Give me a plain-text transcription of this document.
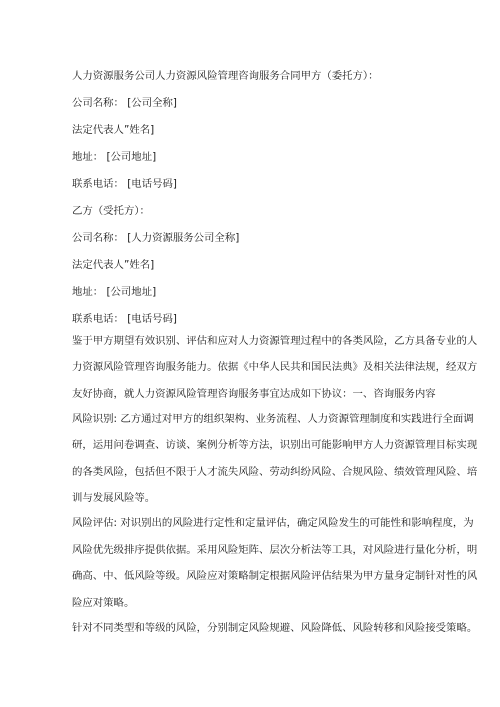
人力资源服务公司人力资源风险管理咨询服务合同甲方（委托方）：

公司名称： [公司全称]

法定代表人”姓名]

地址： [公司地址]

联系电话： [电话号码]

乙方（受托方）：

公司名称： [人力资源服务公司全称]

法定代表人”姓名]

地址： [公司地址]

联系电话： [电话号码]

鉴于甲方期望有效识别、评估和应对人力资源管理过程中的各类风险，乙方具备专业的人

力资源风险管理咨询服务能力。依据《中华人民共和国民法典》及相关法律法规，经双方

友好协商，就人力资源风险管理咨询服务事宜达成如下协议：一、咨询服务内容

风险识别: 乙方通过对甲方的组织架构、业务流程、人力资源管理制度和实践进行全面调

研，运用问卷调查、访谈、案例分析等方法，识别出可能影响甲方人力资源管理目标实现

的各类风险，包括但不限于人才流失风险、劳动纠纷风险、合规风险、绩效管理风险、培

训与发展风险等。

风险评估: 对识别出的风险进行定性和定量评估，确定风险发生的可能性和影响程度，为

风险优先级排序提供依据。采用风险矩阵、层次分析法等工具，对风险进行量化分析，明

确高、中、低风险等级。风险应对策略制定根据风险评估结果为甲方量身定制针对性的风

险应对策略。

针对不同类型和等级的风险，分别制定风险规避、风险降低、风险转移和风险接受策略。
